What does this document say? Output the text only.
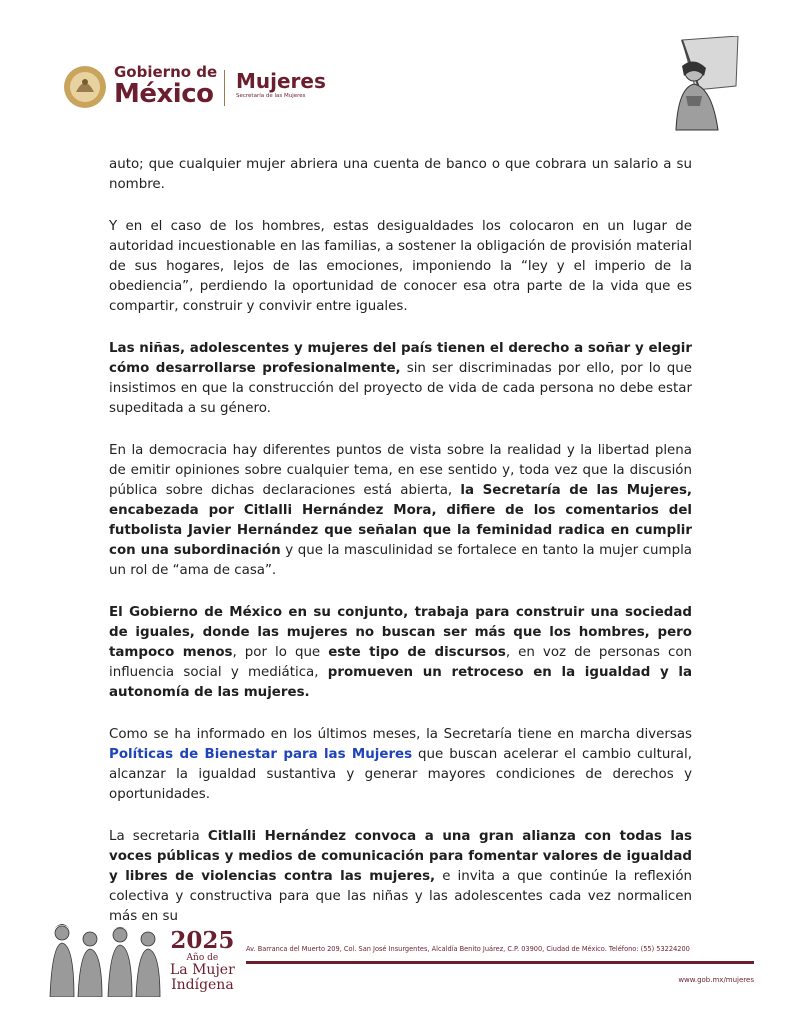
Gobierno de
México Mujeres
Secretaría de las Mujeres

auto; que cualquier mujer abriera una cuenta de banco o que cobrara un salario a su nombre.

Y en el caso de los hombres, estas desigualdades los colocaron en un lugar de autoridad incuestionable en las familias, a sostener la obligación de provisión material de sus hogares, lejos de las emociones, imponiendo la “ley y el imperio de la obediencia”, perdiendo la oportunidad de conocer esa otra parte de la vida que es compartir, construir y convivir entre iguales.

Las niñas, adolescentes y mujeres del país tienen el derecho a soñar y elegir cómo desarrollarse profesionalmente, sin ser discriminadas por ello, por lo que insistimos en que la construcción del proyecto de vida de cada persona no debe estar supeditada a su género.

En la democracia hay diferentes puntos de vista sobre la realidad y la libertad plena de emitir opiniones sobre cualquier tema, en ese sentido y, toda vez que la discusión pública sobre dichas declaraciones está abierta, la Secretaría de las Mujeres, encabezada por Citlalli Hernández Mora, difiere de los comentarios del futbolista Javier Hernández que señalan que la feminidad radica en cumplir con una subordinación y que la masculinidad se fortalece en tanto la mujer cumpla un rol de “ama de casa”.

El Gobierno de México en su conjunto, trabaja para construir una sociedad de iguales, donde las mujeres no buscan ser más que los hombres, pero tampoco menos, por lo que este tipo de discursos, en voz de personas con influencia social y mediática, promueven un retroceso en la igualdad y la autonomía de las mujeres.

Como se ha informado en los últimos meses, la Secretaría tiene en marcha diversas Políticas de Bienestar para las Mujeres que buscan acelerar el cambio cultural, alcanzar la igualdad sustantiva y generar mayores condiciones de derechos y oportunidades.

La secretaria Citlalli Hernández convoca a una gran alianza con todas las voces públicas y medios de comunicación para fomentar valores de igualdad y libres de violencias contra las mujeres, e invita a que continúe la reflexión colectiva y constructiva para que las niñas y las adolescentes cada vez normalicen más en su

2025
Año de
La Mujer
Indígena
Av. Barranca del Muerto 209, Col. San José Insurgentes, Alcaldía Benito Juárez, C.P. 03900, Ciudad de México. Teléfono: (55) 53224200
www.gob.mx/mujeres
